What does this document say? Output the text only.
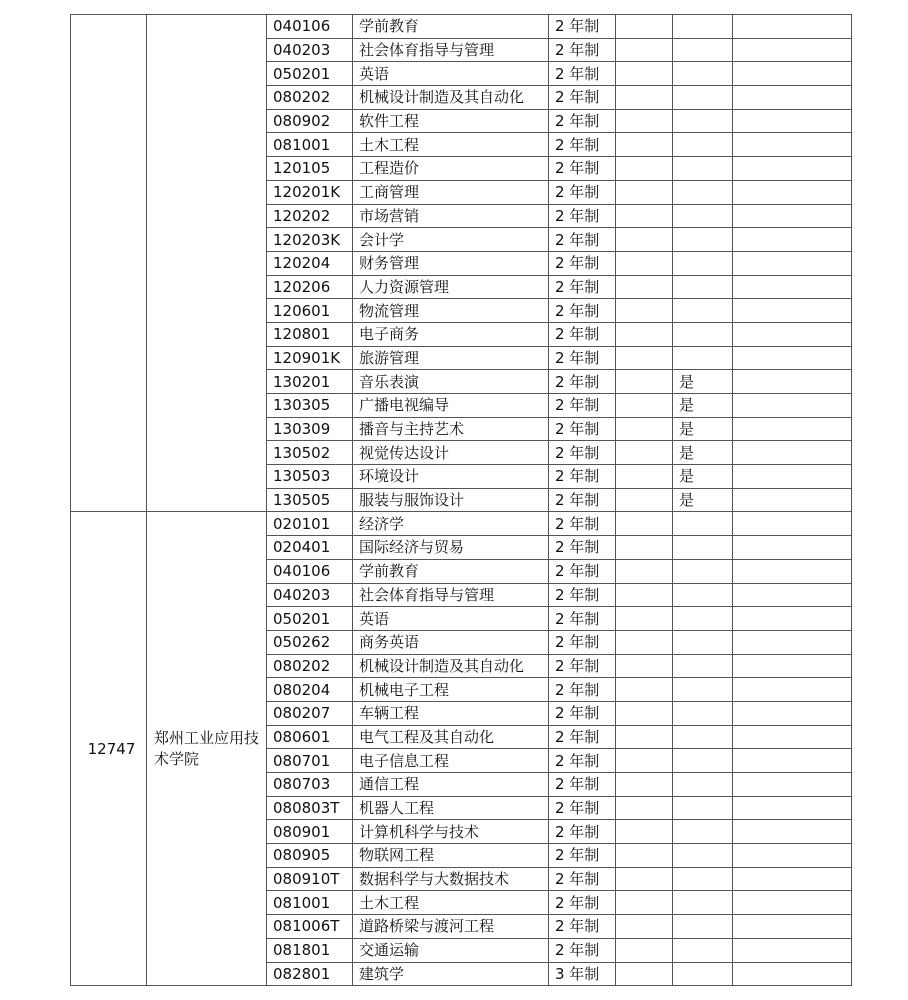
		040106	学前教育	2 年制			
		040203	社会体育指导与管理	2 年制			
		050201	英语	2 年制			
		080202	机械设计制造及其自动化	2 年制			
		080902	软件工程	2 年制			
		081001	土木工程	2 年制			
		120105	工程造价	2 年制			
		120201K	工商管理	2 年制			
		120202	市场营销	2 年制			
		120203K	会计学	2 年制			
		120204	财务管理	2 年制			
		120206	人力资源管理	2 年制			
		120601	物流管理	2 年制			
		120801	电子商务	2 年制			
		120901K	旅游管理	2 年制			
		130201	音乐表演	2 年制		是	
		130305	广播电视编导	2 年制		是	
		130309	播音与主持艺术	2 年制		是	
		130502	视觉传达设计	2 年制		是	
		130503	环境设计	2 年制		是	
		130505	服装与服饰设计	2 年制		是	
12747	郑州工业应用技术学院	020101	经济学	2 年制			
		020401	国际经济与贸易	2 年制			
		040106	学前教育	2 年制			
		040203	社会体育指导与管理	2 年制			
		050201	英语	2 年制			
		050262	商务英语	2 年制			
		080202	机械设计制造及其自动化	2 年制			
		080204	机械电子工程	2 年制			
		080207	车辆工程	2 年制			
		080601	电气工程及其自动化	2 年制			
		080701	电子信息工程	2 年制			
		080703	通信工程	2 年制			
		080803T	机器人工程	2 年制			
		080901	计算机科学与技术	2 年制			
		080905	物联网工程	2 年制			
		080910T	数据科学与大数据技术	2 年制			
		081001	土木工程	2 年制			
		081006T	道路桥梁与渡河工程	2 年制			
		081801	交通运输	2 年制			
		082801	建筑学	3 年制			
